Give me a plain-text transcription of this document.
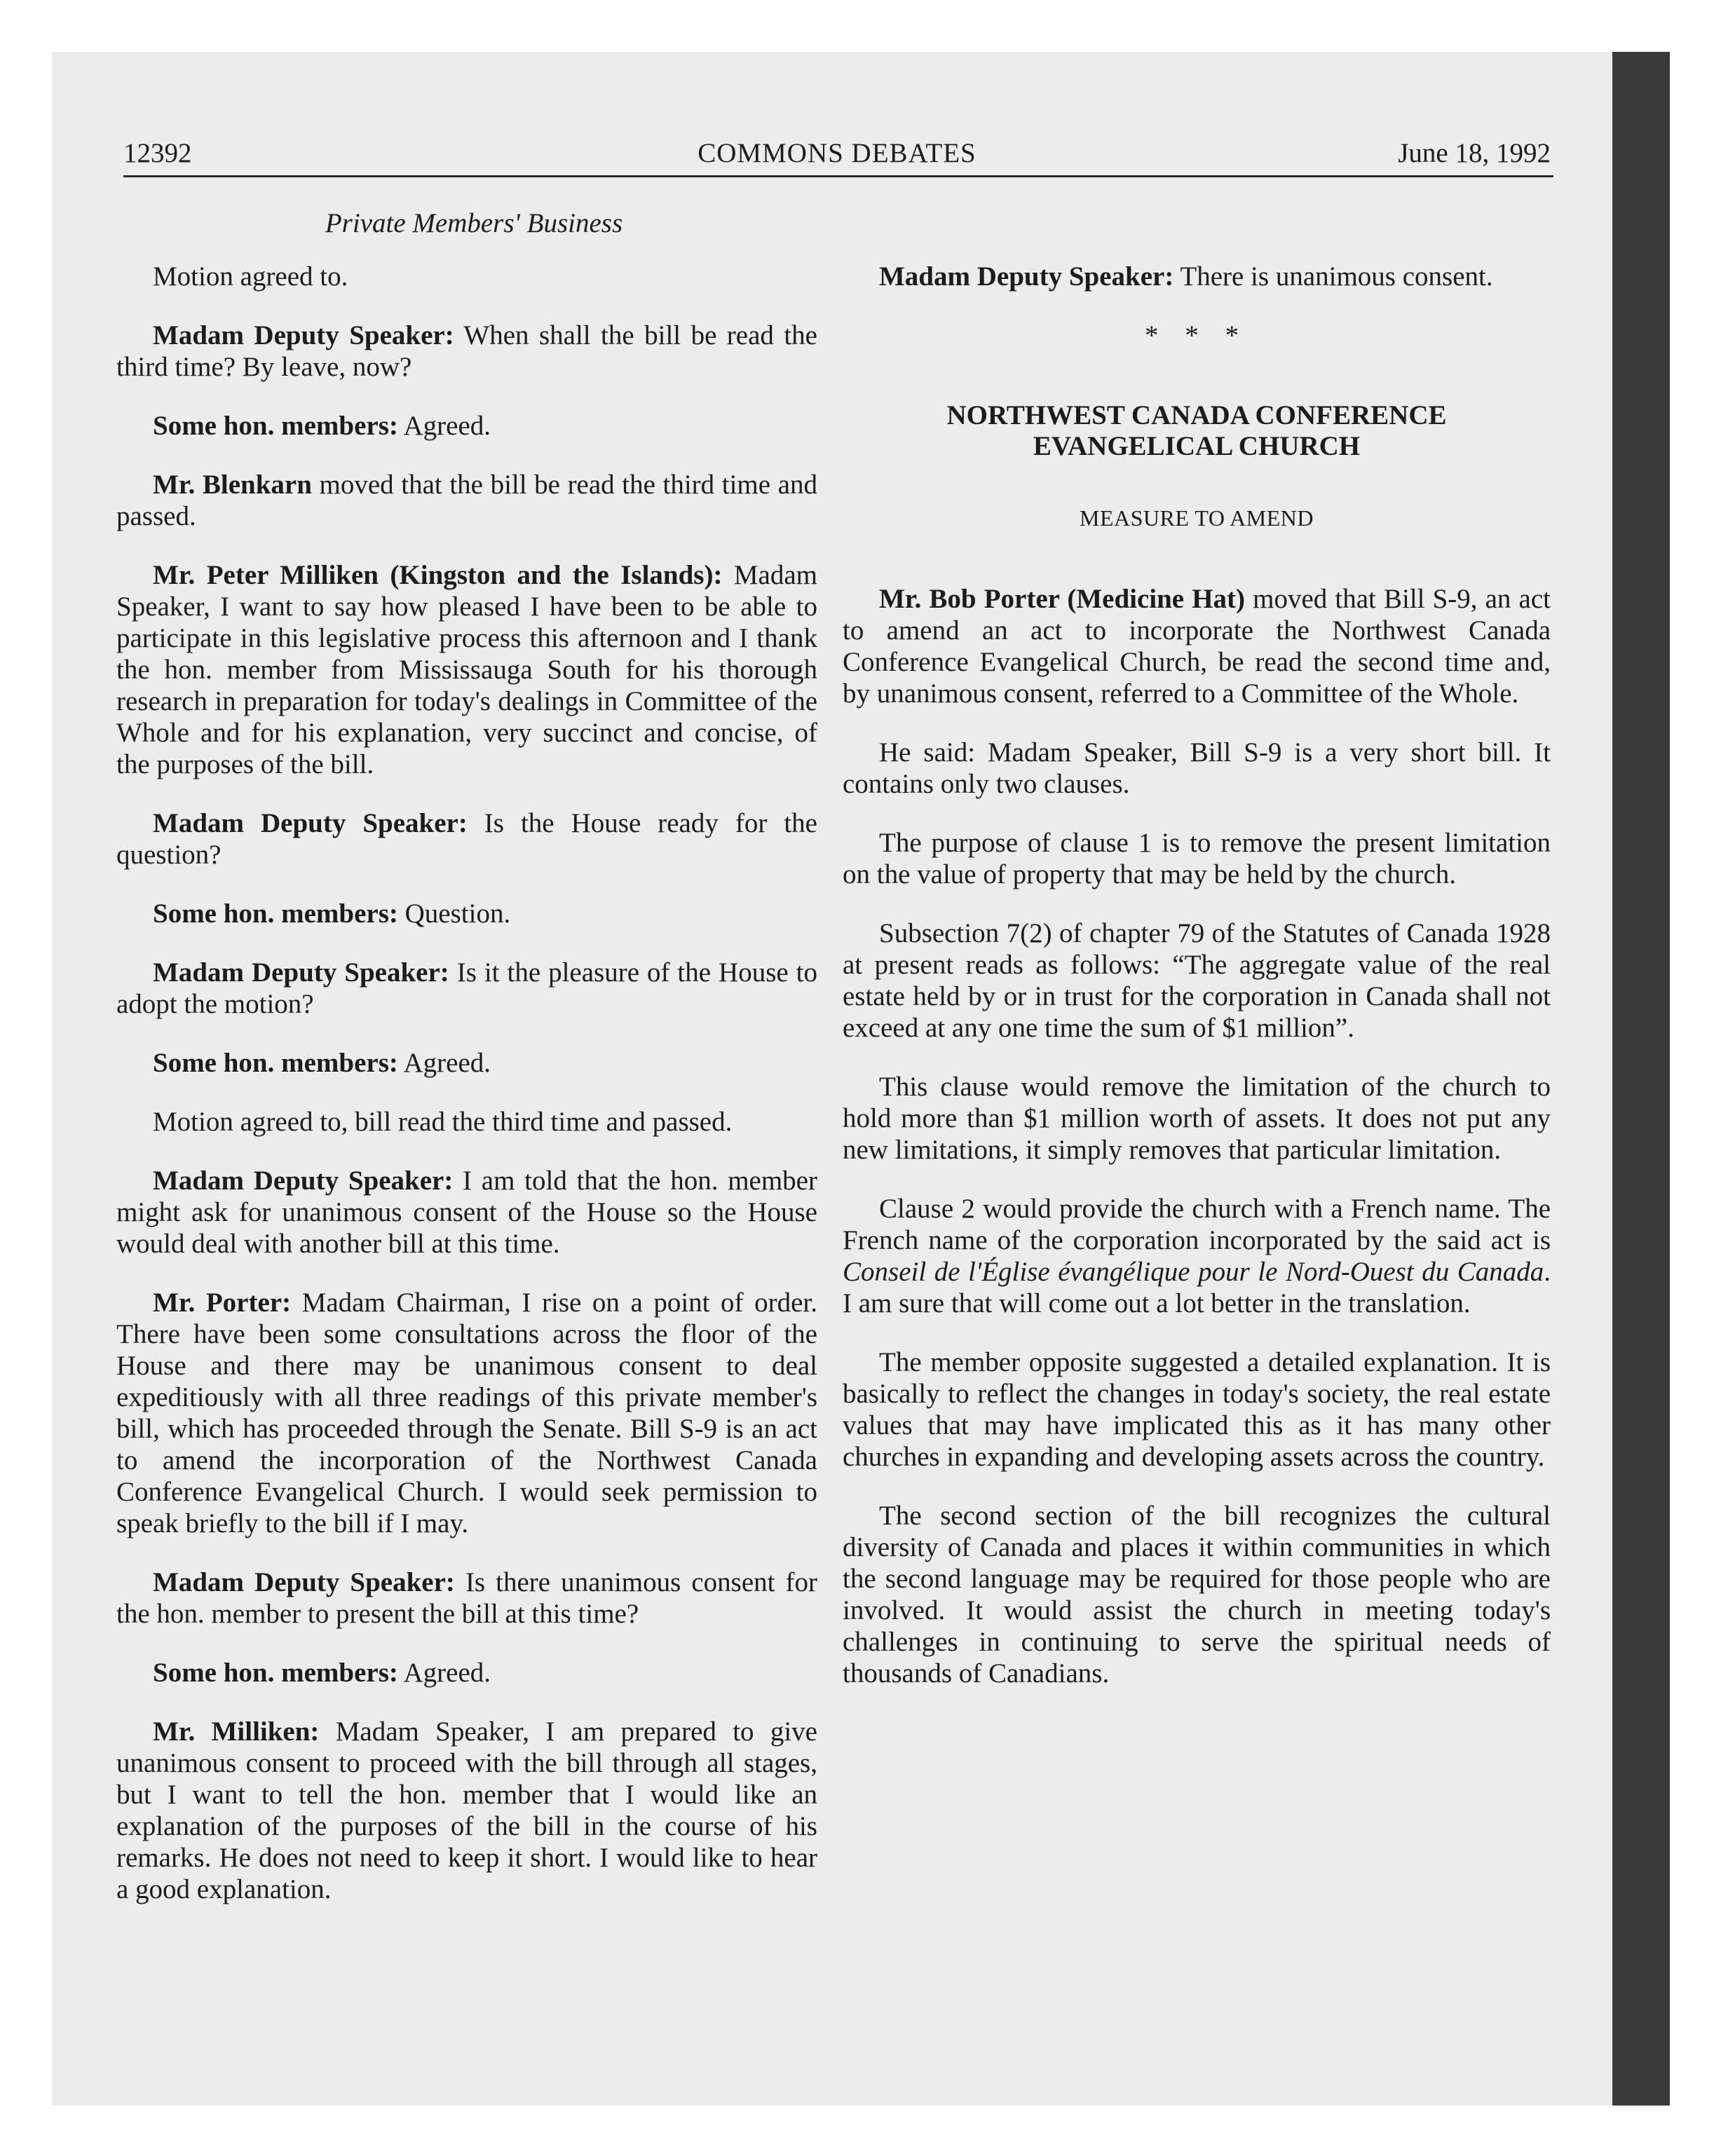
12392	COMMONS DEBATES	June 18, 1992
Private Members' Business

Motion agreed to.

Madam Deputy Speaker: When shall the bill be read the third time? By leave, now?

Some hon. members: Agreed.

Mr. Blenkarn moved that the bill be read the third time and passed.

Mr. Peter Milliken (Kingston and the Islands): Madam Speaker, I want to say how pleased I have been to be able to participate in this legislative process this afternoon and I thank the hon. member from Mississauga South for his thorough research in preparation for today's dealings in Committee of the Whole and for his explanation, very succinct and concise, of the purposes of the bill.

Madam Deputy Speaker: Is the House ready for the question?

Some hon. members: Question.

Madam Deputy Speaker: Is it the pleasure of the House to adopt the motion?

Some hon. members: Agreed.

Motion agreed to, bill read the third time and passed.

Madam Deputy Speaker: I am told that the hon. member might ask for unanimous consent of the House so the House would deal with another bill at this time.

Mr. Porter: Madam Chairman, I rise on a point of order. There have been some consultations across the floor of the House and there may be unanimous consent to deal expeditiously with all three readings of this private member's bill, which has proceeded through the Senate. Bill S-9 is an act to amend the incorporation of the Northwest Canada Conference Evangelical Church. I would seek permission to speak briefly to the bill if I may.

Madam Deputy Speaker: Is there unanimous consent for the hon. member to present the bill at this time?

Some hon. members: Agreed.

Mr. Milliken: Madam Speaker, I am prepared to give unanimous consent to proceed with the bill through all stages, but I want to tell the hon. member that I would like an explanation of the purposes of the bill in the course of his remarks. He does not need to keep it short. I would like to hear a good explanation.

Madam Deputy Speaker: There is unanimous consent.

* * *
NORTHWEST CANADA CONFERENCE
EVANGELICAL CHURCH
MEASURE TO AMEND

Mr. Bob Porter (Medicine Hat) moved that Bill S-9, an act to amend an act to incorporate the Northwest Canada Conference Evangelical Church, be read the second time and, by unanimous consent, referred to a Committee of the Whole.

He said: Madam Speaker, Bill S-9 is a very short bill. It contains only two clauses.

The purpose of clause 1 is to remove the present limitation on the value of property that may be held by the church.

Subsection 7(2) of chapter 79 of the Statutes of Canada 1928 at present reads as follows: “The aggregate value of the real estate held by or in trust for the corporation in Canada shall not exceed at any one time the sum of $1 million”.

This clause would remove the limitation of the church to hold more than $1 million worth of assets. It does not put any new limitations, it simply removes that particular limitation.

Clause 2 would provide the church with a French name. The French name of the corporation incorporated by the said act is Conseil de l'Église évangélique pour le Nord-Ouest du Canada. I am sure that will come out a lot better in the translation.

The member opposite suggested a detailed explanation. It is basically to reflect the changes in today's society, the real estate values that may have implicated this as it has many other churches in expanding and developing assets across the country.

The second section of the bill recognizes the cultural diversity of Canada and places it within communities in which the second language may be required for those people who are involved. It would assist the church in meeting today's challenges in continuing to serve the spiritual needs of thousands of Canadians.
